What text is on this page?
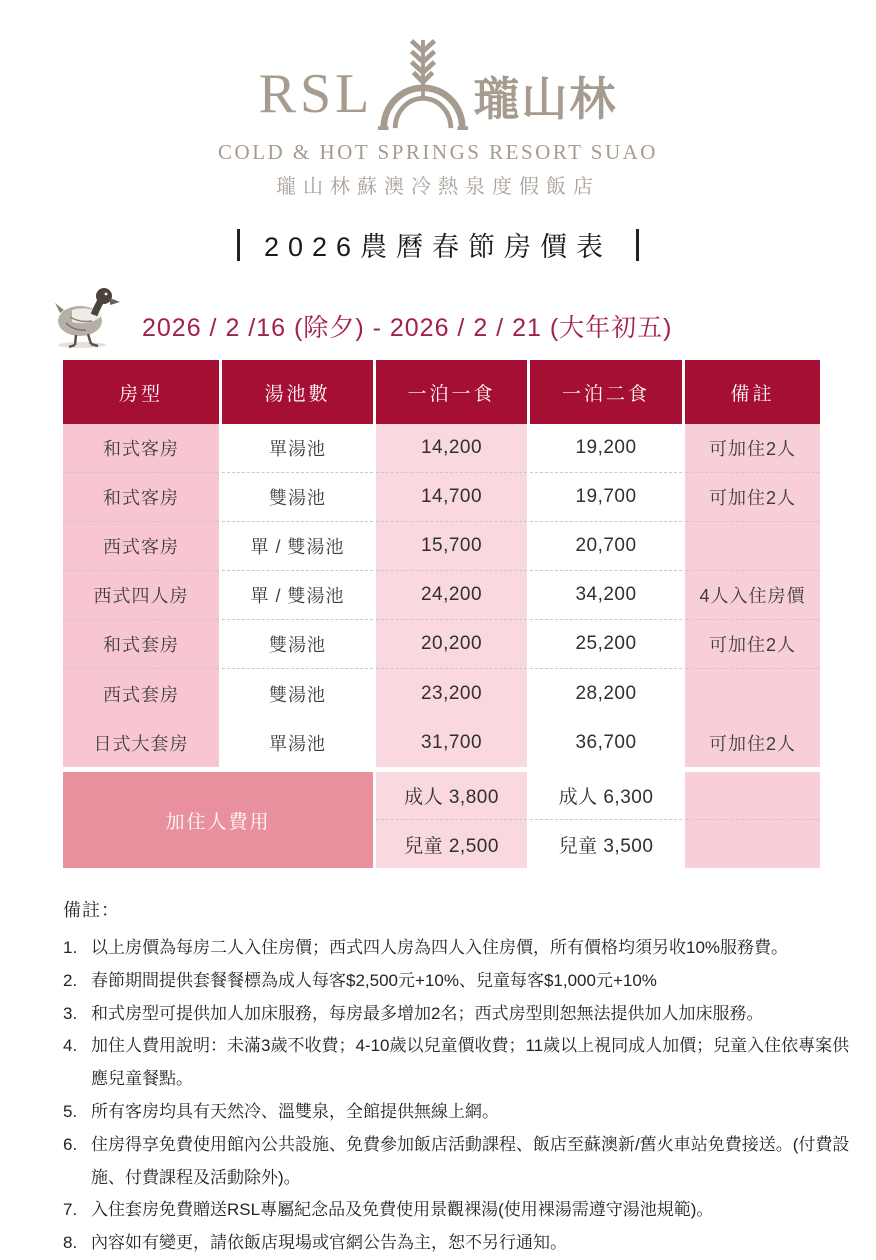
RSL 瓏山林
COLD & HOT SPRINGS RESORT SUAO
瓏山林蘇澳冷熱泉度假飯店
2026農曆春節房價表
2026 / 2 /16 (除夕) - 2026 / 2 / 21 (大年初五)
房型	湯池數	一泊一食	一泊二食	備註
和式客房	單湯池	14,200	19,200	可加住2人
和式客房	雙湯池	14,700	19,700	可加住2人
西式客房	單 / 雙湯池	15,700	20,700
西式四人房	單 / 雙湯池	24,200	34,200	4人入住房價
和式套房	雙湯池	20,200	25,200	可加住2人
西式套房	雙湯池	23,200	28,200
日式大套房	單湯池	31,700	36,700	可加住2人
加住人費用
成人 3,800	成人 6,300
兒童 2,500	兒童 3,500
備註：
1. 以上房價為每房二人入住房價；西式四人房為四人入住房價，所有價格均須另收10%服務費。
2. 春節期間提供套餐餐標為成人每客$2,500元+10%、兒童每客$1,000元+10%
3. 和式房型可提供加人加床服務，每房最多增加2名；西式房型則恕無法提供加人加床服務。
4. 加住人費用說明：未滿3歲不收費；4-10歲以兒童價收費；11歲以上視同成人加價；兒童入住依專案供應兒童餐點。
5. 所有客房均具有天然冷、溫雙泉，全館提供無線上網。
6. 住房得享免費使用館內公共設施、免費參加飯店活動課程、飯店至蘇澳新/舊火車站免費接送。(付費設施、付費課程及活動除外)。
7. 入住套房免費贈送RSL專屬紀念品及免費使用景觀裸湯(使用裸湯需遵守湯池規範)。
8. 內容如有變更，請依飯店現場或官網公告為主，恕不另行通知。
